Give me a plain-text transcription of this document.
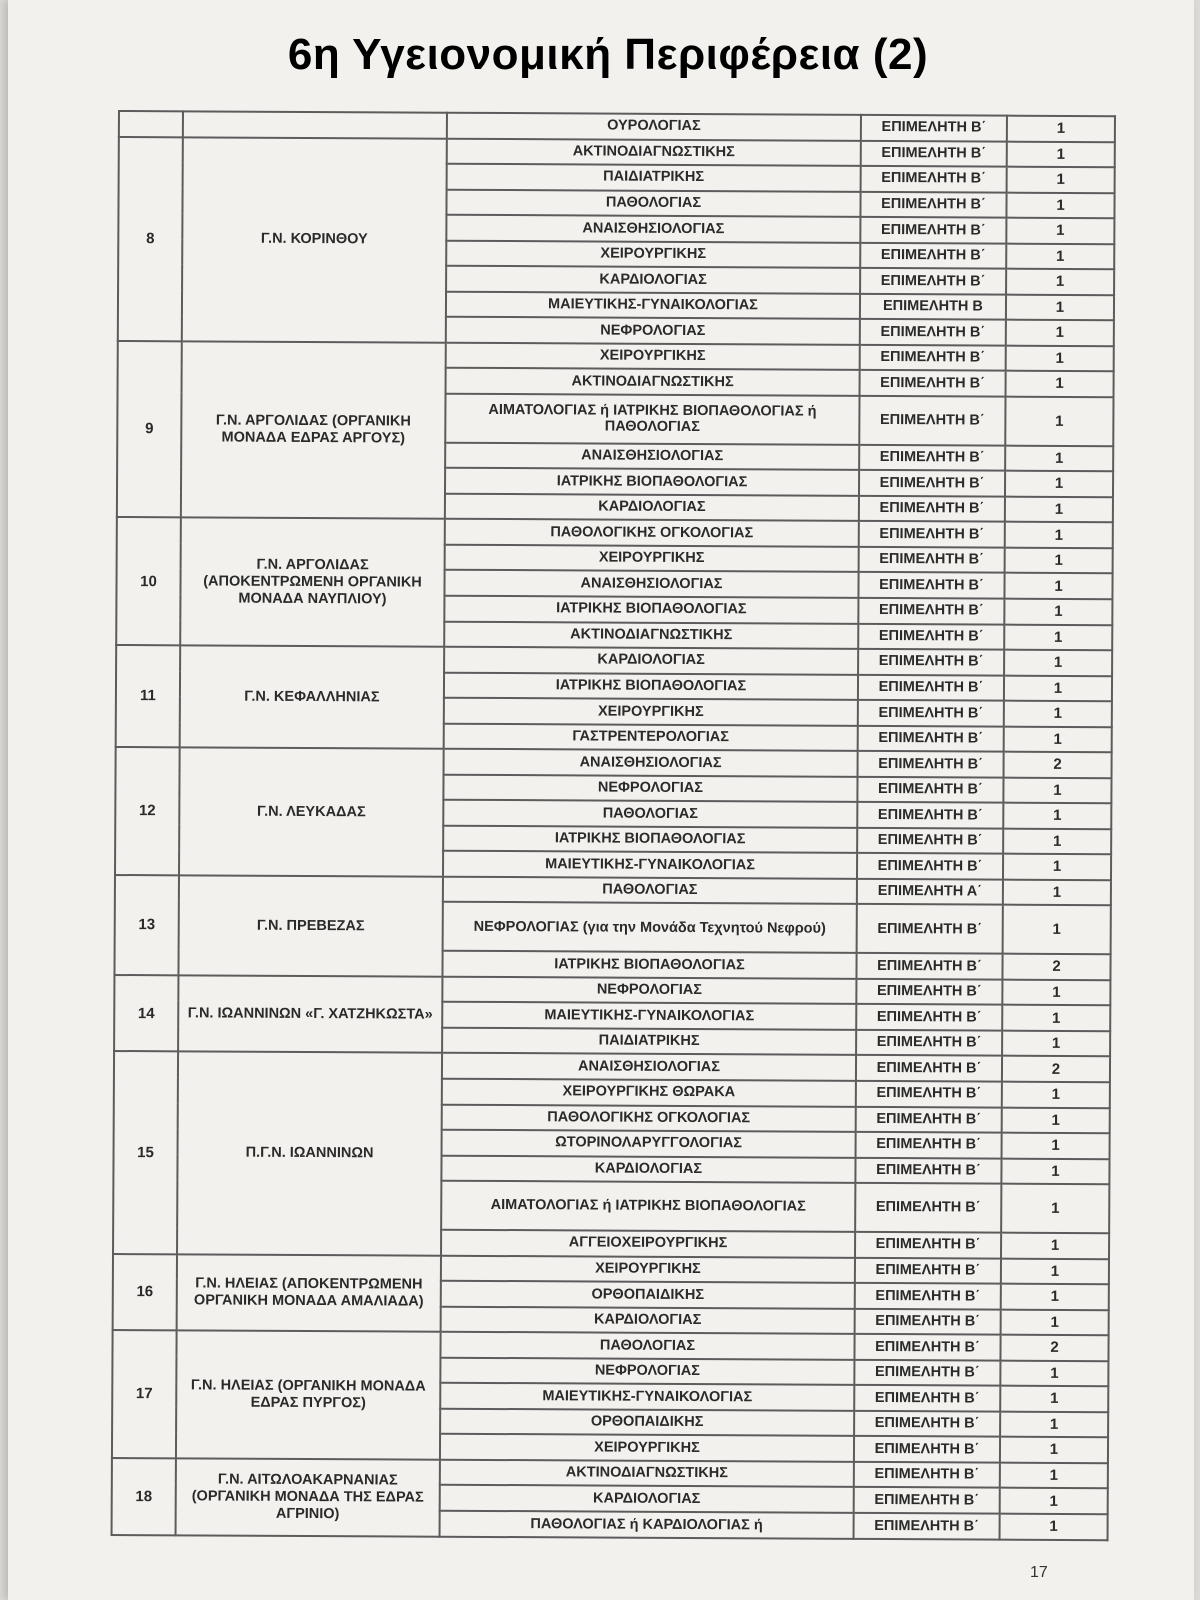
6η Υγειονομική Περιφέρεια (2)
		ΟΥΡΟΛΟΓΙΑΣ	ΕΠΙΜΕΛΗΤΗ Β΄	1
8	Γ.Ν. ΚΟΡΙΝΘΟΥ	ΑΚΤΙΝΟΔΙΑΓΝΩΣΤΙΚΗΣ	ΕΠΙΜΕΛΗΤΗ Β΄	1
		ΠΑΙΔΙΑΤΡΙΚΗΣ	ΕΠΙΜΕΛΗΤΗ Β΄	1
		ΠΑΘΟΛΟΓΙΑΣ	ΕΠΙΜΕΛΗΤΗ Β΄	1
		ΑΝΑΙΣΘΗΣΙΟΛΟΓΙΑΣ	ΕΠΙΜΕΛΗΤΗ Β΄	1
		ΧΕΙΡΟΥΡΓΙΚΗΣ	ΕΠΙΜΕΛΗΤΗ Β΄	1
		ΚΑΡΔΙΟΛΟΓΙΑΣ	ΕΠΙΜΕΛΗΤΗ Β΄	1
		ΜΑΙΕΥΤΙΚΗΣ-ΓΥΝΑΙΚΟΛΟΓΙΑΣ	ΕΠΙΜΕΛΗΤΗ Β	1
		ΝΕΦΡΟΛΟΓΙΑΣ	ΕΠΙΜΕΛΗΤΗ Β΄	1
9	Γ.Ν. ΑΡΓΟΛΙΔΑΣ (ΟΡΓΑΝΙΚΗ ΜΟΝΑΔΑ ΕΔΡΑΣ ΑΡΓΟΥΣ)	ΧΕΙΡΟΥΡΓΙΚΗΣ	ΕΠΙΜΕΛΗΤΗ Β΄	1
		ΑΚΤΙΝΟΔΙΑΓΝΩΣΤΙΚΗΣ	ΕΠΙΜΕΛΗΤΗ Β΄	1
		ΑΙΜΑΤΟΛΟΓΙΑΣ ή ΙΑΤΡΙΚΗΣ ΒΙΟΠΑΘΟΛΟΓΙΑΣ ή ΠΑΘΟΛΟΓΙΑΣ	ΕΠΙΜΕΛΗΤΗ Β΄	1
		ΑΝΑΙΣΘΗΣΙΟΛΟΓΙΑΣ	ΕΠΙΜΕΛΗΤΗ Β΄	1
		ΙΑΤΡΙΚΗΣ ΒΙΟΠΑΘΟΛΟΓΙΑΣ	ΕΠΙΜΕΛΗΤΗ Β΄	1
		ΚΑΡΔΙΟΛΟΓΙΑΣ	ΕΠΙΜΕΛΗΤΗ Β΄	1
10	Γ.Ν. ΑΡΓΟΛΙΔΑΣ (ΑΠΟΚΕΝΤΡΩΜΕΝΗ ΟΡΓΑΝΙΚΗ ΜΟΝΑΔΑ ΝΑΥΠΛΙΟΥ)	ΠΑΘΟΛΟΓΙΚΗΣ ΟΓΚΟΛΟΓΙΑΣ	ΕΠΙΜΕΛΗΤΗ Β΄	1
		ΧΕΙΡΟΥΡΓΙΚΗΣ	ΕΠΙΜΕΛΗΤΗ Β΄	1
		ΑΝΑΙΣΘΗΣΙΟΛΟΓΙΑΣ	ΕΠΙΜΕΛΗΤΗ Β΄	1
		ΙΑΤΡΙΚΗΣ ΒΙΟΠΑΘΟΛΟΓΙΑΣ	ΕΠΙΜΕΛΗΤΗ Β΄	1
		ΑΚΤΙΝΟΔΙΑΓΝΩΣΤΙΚΗΣ	ΕΠΙΜΕΛΗΤΗ Β΄	1
11	Γ.Ν. ΚΕΦΑΛΛΗΝΙΑΣ	ΚΑΡΔΙΟΛΟΓΙΑΣ	ΕΠΙΜΕΛΗΤΗ Β΄	1
		ΙΑΤΡΙΚΗΣ ΒΙΟΠΑΘΟΛΟΓΙΑΣ	ΕΠΙΜΕΛΗΤΗ Β΄	1
		ΧΕΙΡΟΥΡΓΙΚΗΣ	ΕΠΙΜΕΛΗΤΗ Β΄	1
		ΓΑΣΤΡΕΝΤΕΡΟΛΟΓΙΑΣ	ΕΠΙΜΕΛΗΤΗ Β΄	1
12	Γ.Ν. ΛΕΥΚΑΔΑΣ	ΑΝΑΙΣΘΗΣΙΟΛΟΓΙΑΣ	ΕΠΙΜΕΛΗΤΗ Β΄	2
		ΝΕΦΡΟΛΟΓΙΑΣ	ΕΠΙΜΕΛΗΤΗ Β΄	1
		ΠΑΘΟΛΟΓΙΑΣ	ΕΠΙΜΕΛΗΤΗ Β΄	1
		ΙΑΤΡΙΚΗΣ ΒΙΟΠΑΘΟΛΟΓΙΑΣ	ΕΠΙΜΕΛΗΤΗ Β΄	1
		ΜΑΙΕΥΤΙΚΗΣ-ΓΥΝΑΙΚΟΛΟΓΙΑΣ	ΕΠΙΜΕΛΗΤΗ Β΄	1
13	Γ.Ν. ΠΡΕΒΕΖΑΣ	ΠΑΘΟΛΟΓΙΑΣ	ΕΠΙΜΕΛΗΤΗ Α΄	1
		ΝΕΦΡΟΛΟΓΙΑΣ (για την Μονάδα Τεχνητού Νεφρού)	ΕΠΙΜΕΛΗΤΗ Β΄	1
		ΙΑΤΡΙΚΗΣ ΒΙΟΠΑΘΟΛΟΓΙΑΣ	ΕΠΙΜΕΛΗΤΗ Β΄	2
14	Γ.Ν. ΙΩΑΝΝΙΝΩΝ «Γ. ΧΑΤΖΗΚΩΣΤΑ»	ΝΕΦΡΟΛΟΓΙΑΣ	ΕΠΙΜΕΛΗΤΗ Β΄	1
		ΜΑΙΕΥΤΙΚΗΣ-ΓΥΝΑΙΚΟΛΟΓΙΑΣ	ΕΠΙΜΕΛΗΤΗ Β΄	1
		ΠΑΙΔΙΑΤΡΙΚΗΣ	ΕΠΙΜΕΛΗΤΗ Β΄	1
15	Π.Γ.Ν. ΙΩΑΝΝΙΝΩΝ	ΑΝΑΙΣΘΗΣΙΟΛΟΓΙΑΣ	ΕΠΙΜΕΛΗΤΗ Β΄	2
		ΧΕΙΡΟΥΡΓΙΚΗΣ ΘΩΡΑΚΑ	ΕΠΙΜΕΛΗΤΗ Β΄	1
		ΠΑΘΟΛΟΓΙΚΗΣ ΟΓΚΟΛΟΓΙΑΣ	ΕΠΙΜΕΛΗΤΗ Β΄	1
		ΩΤΟΡΙΝΟΛΑΡΥΓΓΟΛΟΓΙΑΣ	ΕΠΙΜΕΛΗΤΗ Β΄	1
		ΚΑΡΔΙΟΛΟΓΙΑΣ	ΕΠΙΜΕΛΗΤΗ Β΄	1
		ΑΙΜΑΤΟΛΟΓΙΑΣ ή ΙΑΤΡΙΚΗΣ ΒΙΟΠΑΘΟΛΟΓΙΑΣ	ΕΠΙΜΕΛΗΤΗ Β΄	1
		ΑΓΓΕΙΟΧΕΙΡΟΥΡΓΙΚΗΣ	ΕΠΙΜΕΛΗΤΗ Β΄	1
16	Γ.Ν. ΗΛΕΙΑΣ (ΑΠΟΚΕΝΤΡΩΜΕΝΗ ΟΡΓΑΝΙΚΗ ΜΟΝΑΔΑ ΑΜΑΛΙΑΔΑ)	ΧΕΙΡΟΥΡΓΙΚΗΣ	ΕΠΙΜΕΛΗΤΗ Β΄	1
		ΟΡΘΟΠΑΙΔΙΚΗΣ	ΕΠΙΜΕΛΗΤΗ Β΄	1
		ΚΑΡΔΙΟΛΟΓΙΑΣ	ΕΠΙΜΕΛΗΤΗ Β΄	1
17	Γ.Ν. ΗΛΕΙΑΣ (ΟΡΓΑΝΙΚΗ ΜΟΝΑΔΑ ΕΔΡΑΣ ΠΥΡΓΟΣ)	ΠΑΘΟΛΟΓΙΑΣ	ΕΠΙΜΕΛΗΤΗ Β΄	2
		ΝΕΦΡΟΛΟΓΙΑΣ	ΕΠΙΜΕΛΗΤΗ Β΄	1
		ΜΑΙΕΥΤΙΚΗΣ-ΓΥΝΑΙΚΟΛΟΓΙΑΣ	ΕΠΙΜΕΛΗΤΗ Β΄	1
		ΟΡΘΟΠΑΙΔΙΚΗΣ	ΕΠΙΜΕΛΗΤΗ Β΄	1
		ΧΕΙΡΟΥΡΓΙΚΗΣ	ΕΠΙΜΕΛΗΤΗ Β΄	1
18	Γ.Ν. ΑΙΤΩΛΟΑΚΑΡΝΑΝΙΑΣ (ΟΡΓΑΝΙΚΗ ΜΟΝΑΔΑ ΤΗΣ ΕΔΡΑΣ ΑΓΡΙΝΙΟ)	ΑΚΤΙΝΟΔΙΑΓΝΩΣΤΙΚΗΣ	ΕΠΙΜΕΛΗΤΗ Β΄	1
		ΚΑΡΔΙΟΛΟΓΙΑΣ	ΕΠΙΜΕΛΗΤΗ Β΄	1
		ΠΑΘΟΛΟΓΙΑΣ ή ΚΑΡΔΙΟΛΟΓΙΑΣ ή	ΕΠΙΜΕΛΗΤΗ Β΄	1
17
